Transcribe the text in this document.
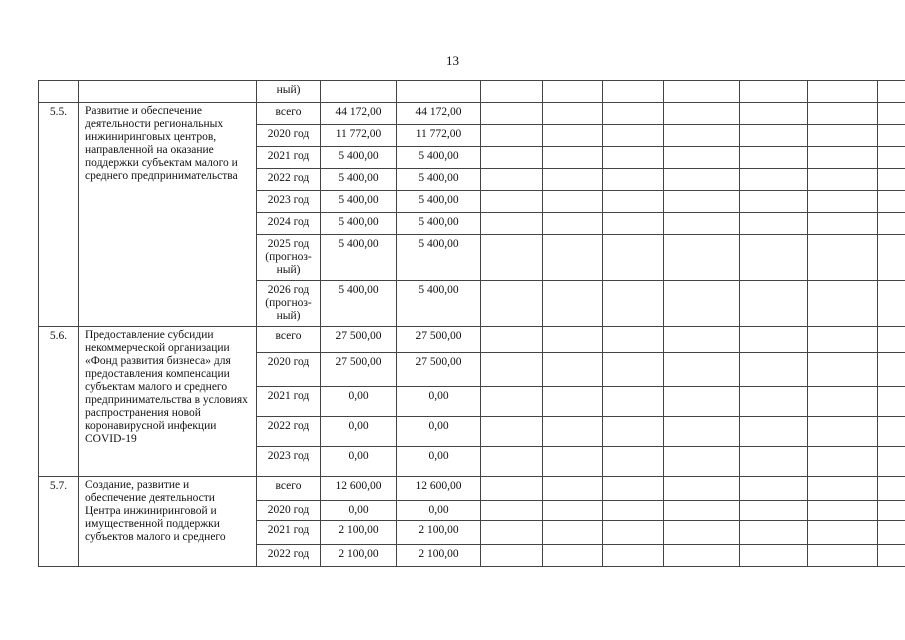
13
		ный)									
5.5.	Развитие и обеспечение деятельности региональных инжиниринговых центров, направленной на оказание поддержки субъектам малого и среднего предпринимательства	всего	44 172,00	44 172,00							
		2020 год	11 772,00	11 772,00							
		2021 год	5 400,00	5 400,00							
		2022 год	5 400,00	5 400,00							
		2023 год	5 400,00	5 400,00							
		2024 год	5 400,00	5 400,00							
		2025 год (прогноз-ный)	5 400,00	5 400,00							
		2026 год (прогноз-ный)	5 400,00	5 400,00							
5.6.	Предоставление субсидии некоммерческой организации «Фонд развития бизнеса» для предоставления компенсации субъектам малого и среднего предпринимательства в условиях распространения новой коронавирусной инфекции COVID-19	всего	27 500,00	27 500,00							
		2020 год	27 500,00	27 500,00							
		2021 год	0,00	0,00							
		2022 год	0,00	0,00							
		2023 год	0,00	0,00							
5.7.	Создание, развитие и обеспечение деятельности Центра инжиниринговой и имущественной поддержки субъектов малого и среднего	всего	12 600,00	12 600,00							
		2020 год	0,00	0,00							
		2021 год	2 100,00	2 100,00							
		2022 год	2 100,00	2 100,00							
